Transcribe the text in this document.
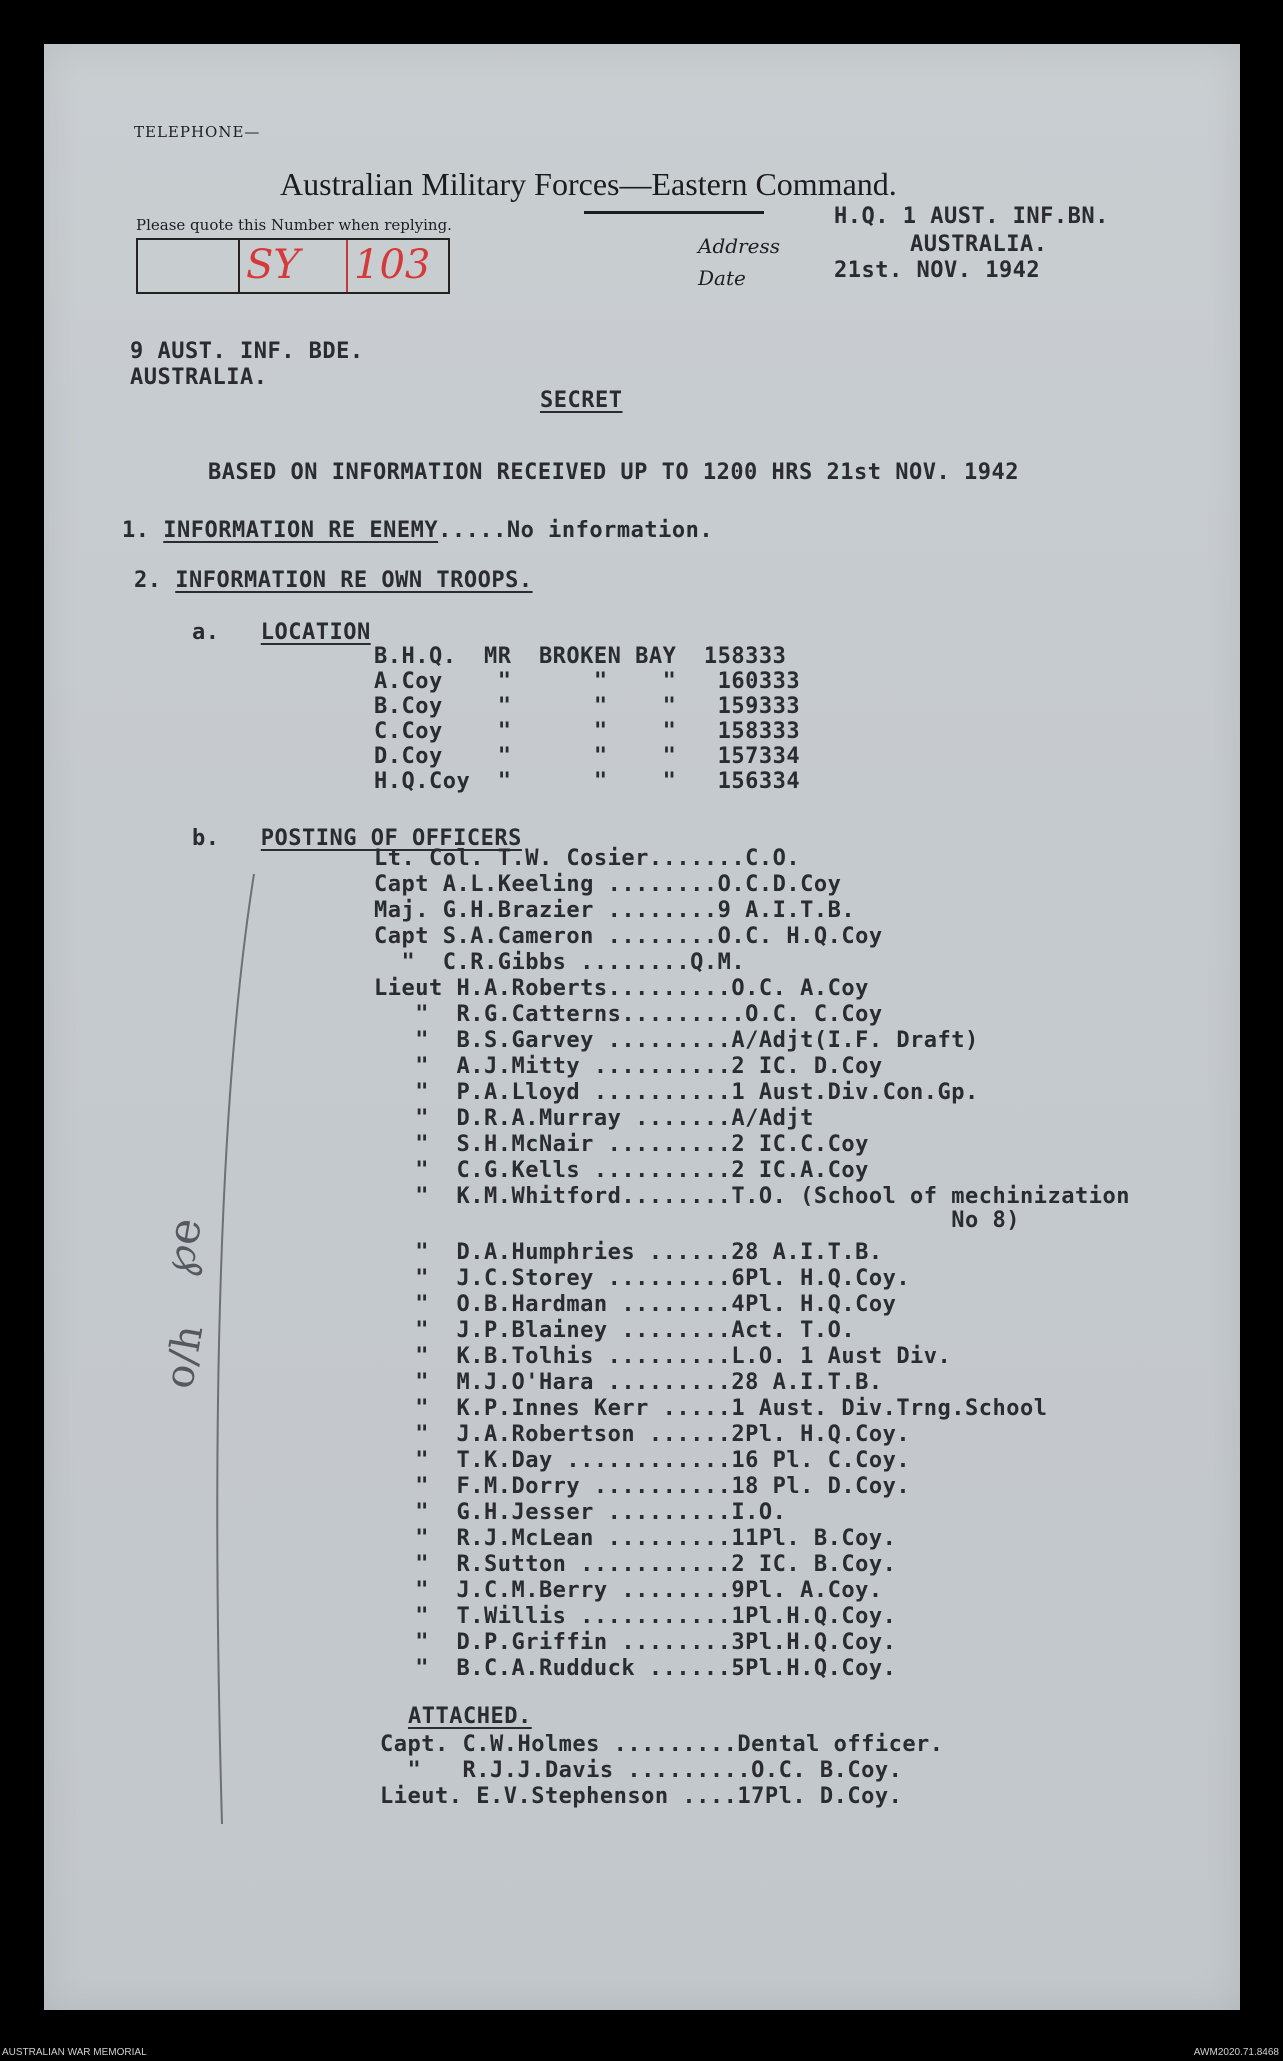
TELEPHONE—
Australian Military Forces—Eastern Command.
Please quote this Number when replying.
SY 103	Address
Date
H.Q. 1 AUST. INF.BN.
AUSTRALIA.
21st. NOV. 1942
9 AUST. INF. BDE.
AUSTRALIA.
SECRET
BASED ON INFORMATION RECEIVED UP TO 1200 HRS 21st NOV. 1942
1. INFORMATION RE ENEMY.....No information.
2. INFORMATION RE OWN TROOPS.
a. LOCATION
B.H.Q.  MR  BROKEN BAY  158333
A.Coy    "      "    "   160333
B.Coy    "      "    "   159333
C.Coy    "      "    "   158333
D.Coy    "      "    "   157334
H.Q.Coy  "      "    "   156334
b. POSTING OF OFFICERS
Lt. Col. T.W. Cosier.......C.O.
Capt A.L.Keeling ........O.C.D.Coy
Maj. G.H.Brazier ........9 A.I.T.B.
Capt S.A.Cameron ........O.C. H.Q.Coy
"  C.R.Gibbs ........Q.M.
Lieut H.A.Roberts.........O.C. A.Coy
"  R.G.Catterns.........O.C. C.Coy
"  B.S.Garvey .........A/Adjt(I.F. Draft)
"  A.J.Mitty ..........2 IC. D.Coy
"  P.A.Lloyd ..........1 Aust.Div.Con.Gp.
"  D.R.A.Murray .......A/Adjt
"  S.H.McNair .........2 IC.C.Coy
"  C.G.Kells ..........2 IC.A.Coy
"  K.M.Whitford........T.O. (School of mechinization
No 8)
"  D.A.Humphries ......28 A.I.T.B.
"  J.C.Storey .........6Pl. H.Q.Coy.
"  O.B.Hardman ........4Pl. H.Q.Coy
"  J.P.Blainey ........Act. T.O.
"  K.B.Tolhis .........L.O. 1 Aust Div.
"  M.J.O'Hara .........28 A.I.T.B.
"  K.P.Innes Kerr .....1 Aust. Div.Trng.School
"  J.A.Robertson ......2Pl. H.Q.Coy.
"  T.K.Day ............16 Pl. C.Coy.
"  F.M.Dorry ..........18 Pl. D.Coy.
"  G.H.Jesser .........I.O.
"  R.J.McLean .........11Pl. B.Coy.
"  R.Sutton ...........2 IC. B.Coy.
"  J.C.M.Berry ........9Pl. A.Coy.
"  T.Willis ...........1Pl.H.Q.Coy.
"  D.P.Griffin ........3Pl.H.Q.Coy.
"  B.C.A.Rudduck ......5Pl.H.Q.Coy.
ATTACHED.
Capt. C.W.Holmes .........Dental officer.
"   R.J.J.Davis .........O.C. B.Coy.
Lieut. E.V.Stephenson ....17Pl. D.Coy.
℘e
o/h
AUSTRALIAN WAR MEMORIAL	AWM2020.71.8468
